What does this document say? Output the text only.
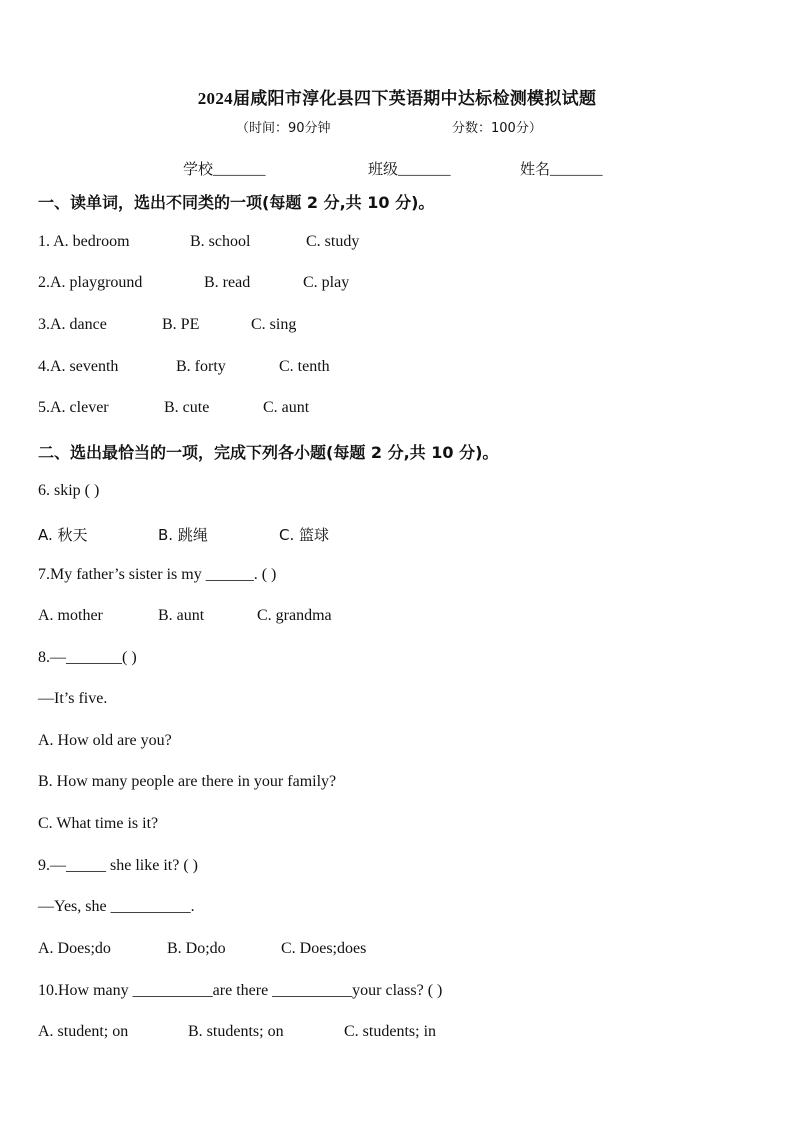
2024届咸阳市淳化县四下英语期中达标检测模拟试题
（时间：90分钟	分数：100分）
学校_______	班级_______	姓名_______
一、读单词，选出不同类的一项(每题 2 分,共 10 分)。
1. A. bedroom	B. school	C. study
2.A. playground	B. read	C. play
3.A. dance	B. PE	C. sing
4.A. seventh	B. forty	C. tenth
5.A. clever	B. cute	C. aunt
二、选出最恰当的一项，完成下列各小题(每题 2 分,共 10 分)。
6. skip ( )
A. 秋天	B. 跳绳	C. 篮球
7.My father’s sister is my ______. ( )
A. mother	B. aunt	C. grandma
8.—_______( )
—It’s five.
A. How old are you?
B. How many people are there in your family?
C. What time is it?
9.—_____ she like it? ( )
—Yes, she __________.
A. Does;do	B. Do;do	C. Does;does
10.How many __________are there __________your class? ( )
A. student; on	B. students; on	C. students; in
